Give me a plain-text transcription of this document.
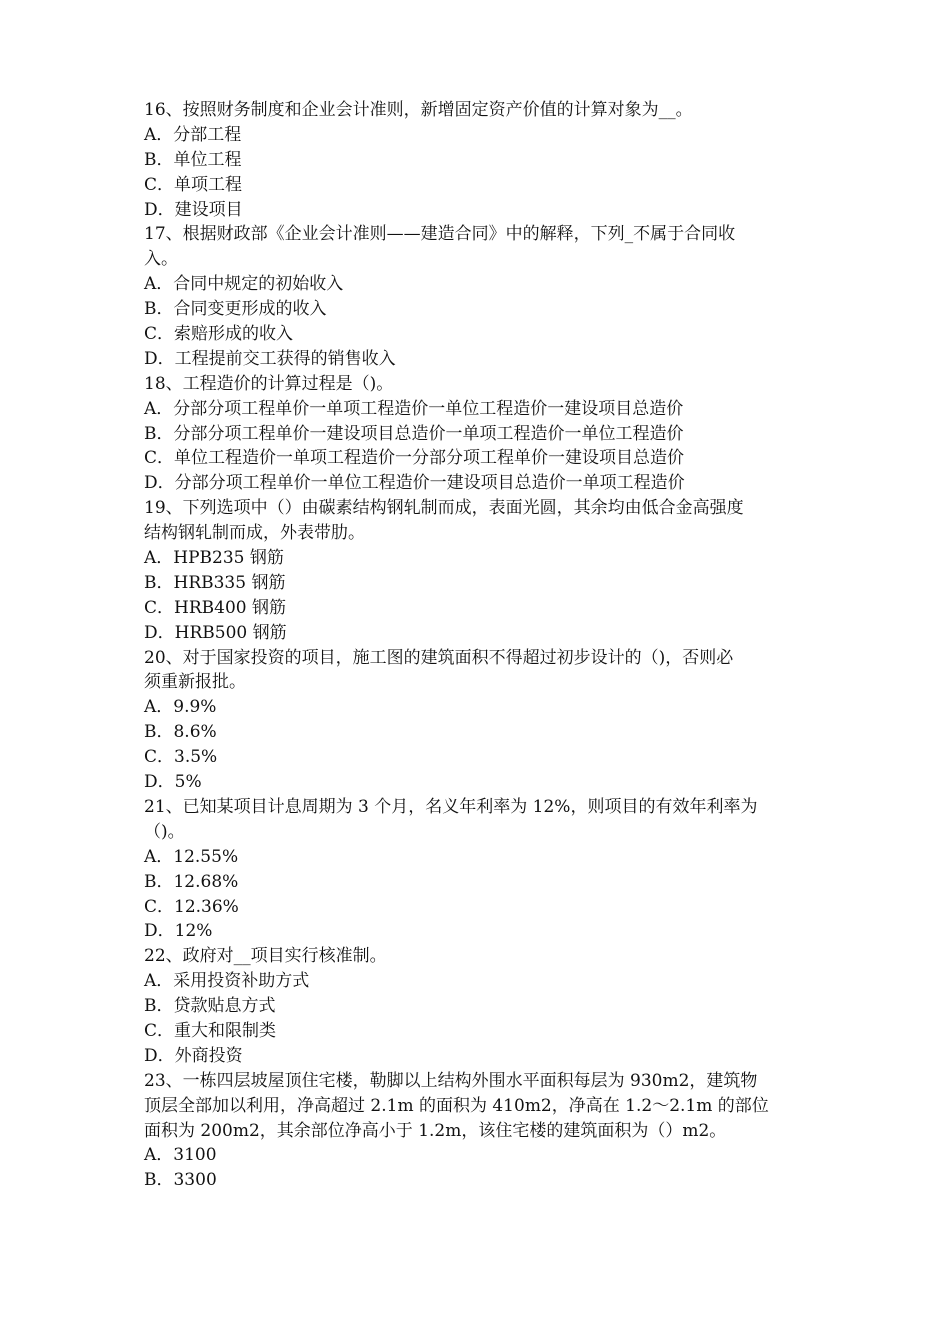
16、按照财务制度和企业会计准则，新增固定资产价值的计算对象为__。
A．分部工程
B．单位工程
C．单项工程
D．建设项目
17、根据财政部《企业会计准则——建造合同》中的解释，下列_不属于合同收
入。
A．合同中规定的初始收入
B．合同变更形成的收入
C．索赔形成的收入
D．工程提前交工获得的销售收入
18、工程造价的计算过程是（)。
A．分部分项工程单价一单项工程造价一单位工程造价一建设项目总造价
B．分部分项工程单价一建设项目总造价一单项工程造价一单位工程造价
C．单位工程造价一单项工程造价一分部分项工程单价一建设项目总造价
D．分部分项工程单价一单位工程造价一建设项目总造价一单项工程造价
19、下列选项中（）由碳素结构钢轧制而成，表面光圆，其余均由低合金高强度
结构钢轧制而成，外表带肋。
A．HPB235 钢筋
B．HRB335 钢筋
C．HRB400 钢筋
D．HRB500 钢筋
20、对于国家投资的项目，施工图的建筑面积不得超过初步设计的（)，否则必
须重新报批。
A．9.9%
B．8.6%
C．3.5%
D．5%
21、已知某项目计息周期为 3 个月，名义年利率为 12%，则项目的有效年利率为
（)。
A．12.55%
B．12.68%
C．12.36%
D．12%
22、政府对__项目实行核准制。
A．采用投资补助方式
B．贷款贴息方式
C．重大和限制类
D．外商投资
23、一栋四层坡屋顶住宅楼，勒脚以上结构外围水平面积每层为 930m2，建筑物
顶层全部加以利用，净高超过 2.1m 的面积为 410m2，净高在 1.2～2.1m 的部位
面积为 200m2，其余部位净高小于 1.2m，该住宅楼的建筑面积为（）m2。
A．3100
B．3300
